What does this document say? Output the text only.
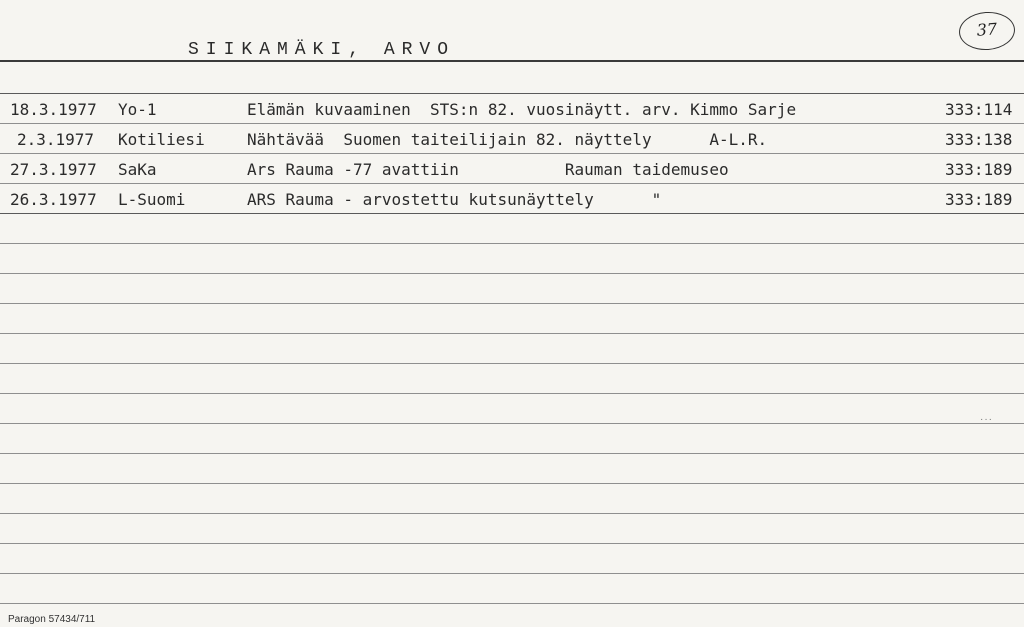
SIIKAMÄKI, ARVO
37
···
18.3.1977 Yo-1	Elämän kuvaaminen  STS:n 82. vuosinäytt. arv. Kimmo Sarje	333:114
2.3.1977 Kotiliesi	Nähtävää  Suomen taiteilijain 82. näyttely      A-L.R.	333:138
27.3.1977 SaKa	Ars Rauma -77 avattiin           Rauman taidemuseo	333:189
26.3.1977 L-Suomi	ARS Rauma - arvostettu kutsunäyttely      "	333:189
Paragon 57434/711
